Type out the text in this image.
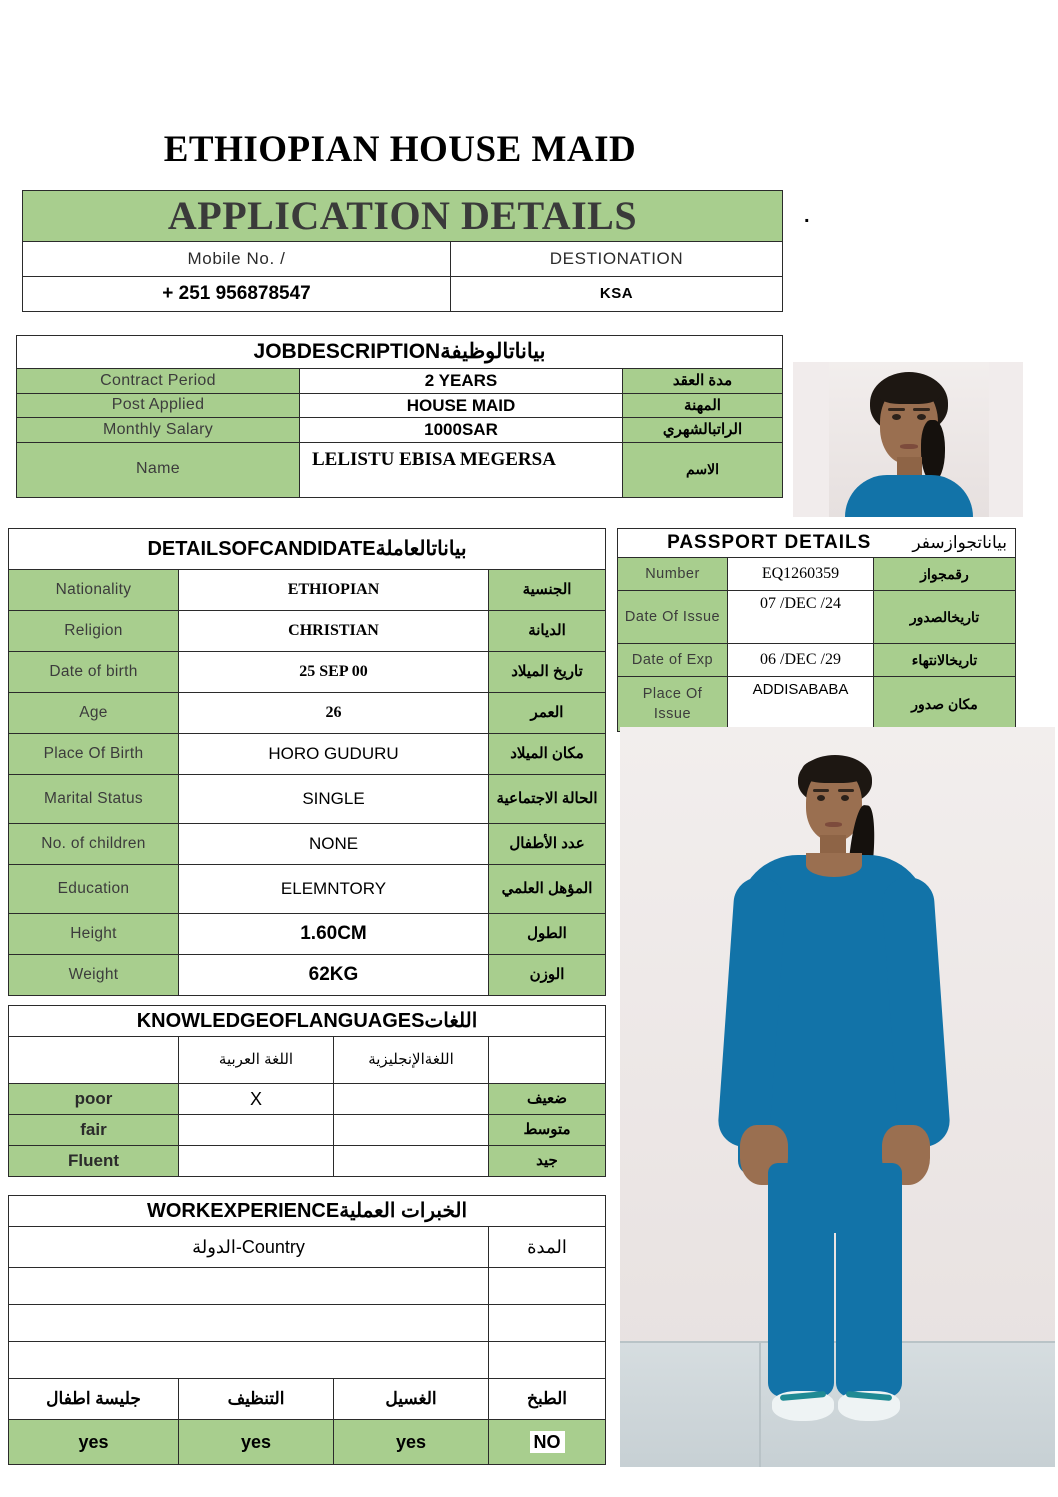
ETHIOPIAN HOUSE MAID
.
APPLICATION DETAILS	
Mobile No. /	DESTIONATION
+ 251 956878547	KSA
JOBDESCRIPTIONبياناتالوظيفة		
Contract Period	2 YEARS	مدة العقد
Post Applied	HOUSE MAID	المهنة
Monthly Salary	1000SAR	الراتبالشهري
Name	LELISTU EBISA MEGERSA	الاسم
DETAILSOFCANDIDATEبياناتالعاملة		
Nationality	ETHIOPIAN	الجنسية
Religion	CHRISTIAN	الديانة
Date of birth	25 SEP 00	تاريخ الميلاد
Age	26	العمر
Place Of Birth	HORO GUDURU	مكان الميلاد
Marital Status	SINGLE	الحالة الاجتماعية
No. of children	NONE	عدد الأطفال
Education	ELEMNTORY	المؤهل العلمي
Height	1.60CM	الطول
Weight	62KG	الوزن
PASSPORT DETAILS بياناتجوازسفر		

Number	EQ1260359	رقمجواز
Date Of Issue	07 /DEC /24	تاريخالصدور
Date of Exp	06 /DEC /29	تاريخالانتهاء
Place Of Issue	ADDISABABA	مكان صدور
KNOWLEDGEOFLANGUAGESاللغات			
	اللغة العربية	اللغةالإنجليزية	
poor	X		ضعيف
fair			متوسط
Fluent			جيد
WORKEXPERIENCEالخبرات العملية			
Country-الدولة			المدة

جليسة اطفال	التنظيف	الغسيل	الطبخ
yes	yes	yes	NO
